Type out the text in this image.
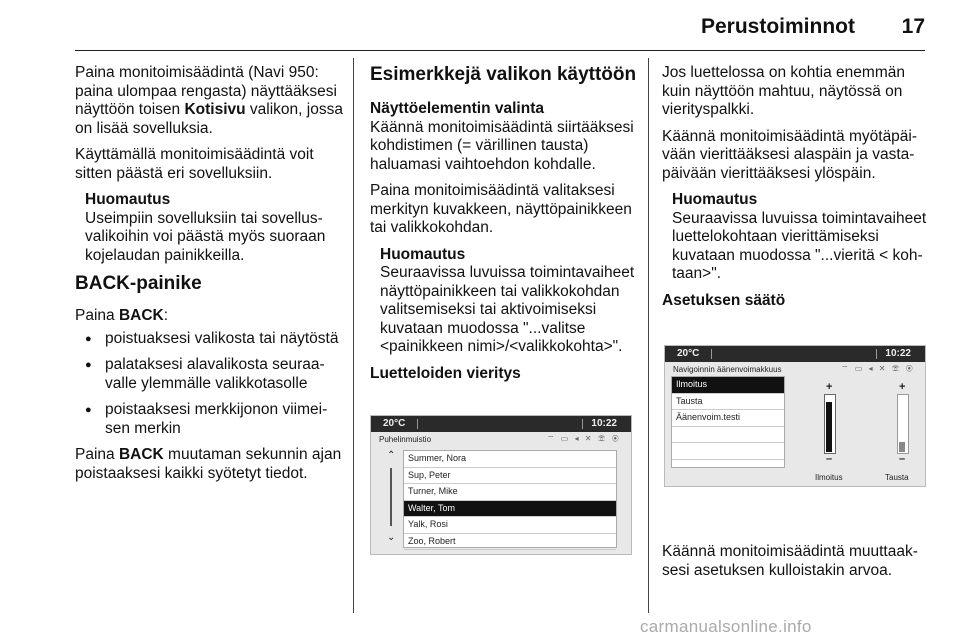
Perustoiminnot 17

Paina monitoimisäädintä (Navi 950: paina ulompaa rengasta) näyttääksesi näyttöön toisen Kotisivu valikon, jossa on lisää sovelluksia.

Käyttämällä monitoimisäädintä voit sitten päästä eri sovelluksiin.

Huomautus
Useimpiin sovelluksiin tai sovellusvalikoihin voi päästä myös suoraan kojelaudan painikkeilla.
BACK-painike

Paina BACK:

● poistuaksesi valikosta tai näytöstä
● palataksesi alavalikosta seuraavalle ylemmälle valikkotasolle
● poistaaksesi merkkijonon viimeisen merkin

Paina BACK muutaman sekunnin ajan poistaaksesi kaikki syötetyt tiedot.

Esimerkkejä valikon käyttöön
Näyttöelementin valinta

Käännä monitoimisäädintä siirtääksesi kohdistimen (= värillinen tausta) haluamasi vaihtoehdon kohdalle.

Paina monitoimisäädintä valitaksesi merkityn kuvakkeen, näyttöpainikkeen tai valikkokohdan.

Huomautus
Seuraavissa luvuissa toimintavaiheet näyttöpainikkeen tai valikkokohdan valitsemiseksi tai aktivoimiseksi kuvataan muodossa "...valitse <painikkeen nimi>/<valikkokohta>".
Luetteloiden vieritys
20°C	10:22
Puhelinmuistio	⌔ ▭ ◂ ✕ ☏ ◉
⌃
⌄
Summer, Nora
Sup, Peter
Turner, Mike
Walter, Tom
Yalk, Rosi
Zoo, Robert

Jos luettelossa on kohtia enemmän kuin näyttöön mahtuu, näytössä on vierityspalkki.

Käännä monitoimisäädintä myötäpäivään vierittääksesi alaspäin ja vastapäivään vierittääksesi ylöspäin.

Huomautus
Seuraavissa luvuissa toimintavaiheet luettelokohtaan vierittämiseksi kuvataan muodossa "...vieritä < kohtaan>".
Asetuksen säätö
20°C	10:22
Navigoinnin äänenvoimakkuus	⌔ ▭ ◂ ✕ ☏ ◉
Ilmoitus
Tausta
Äänenvoim.testi
+
–
+
–
Ilmoitus	Tausta
Käännä monitoimisäädintä muuttaaksesi asetuksen kulloistakin arvoa.
carmanualsonline.info
